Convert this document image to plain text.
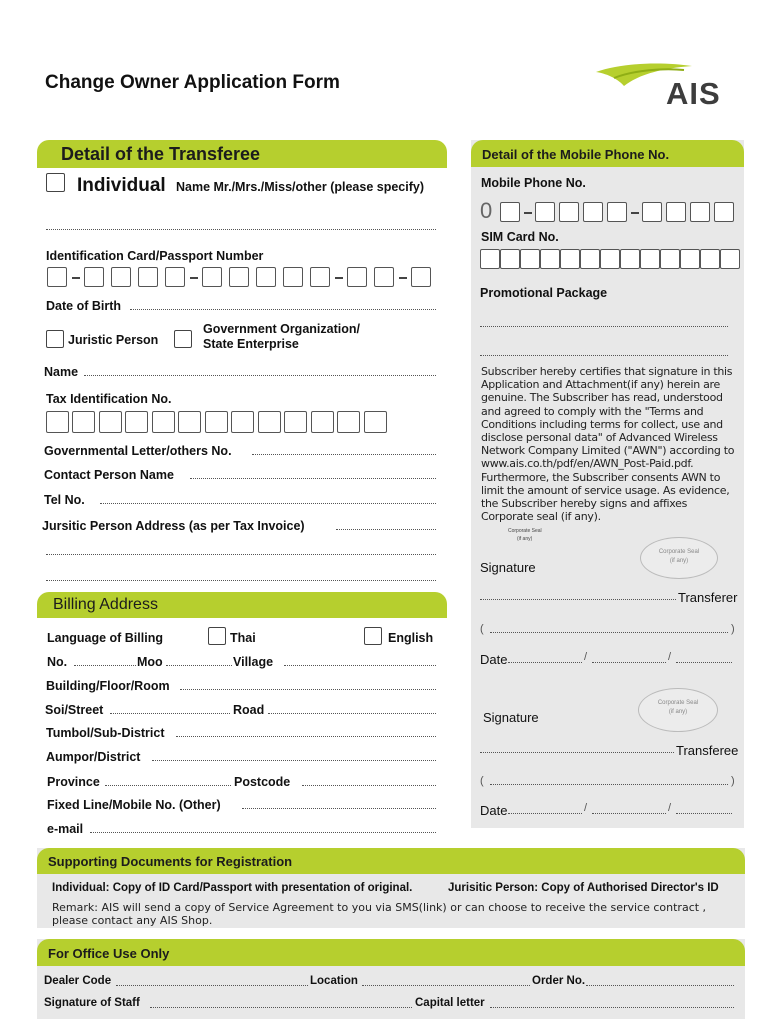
Change Owner Application Form	AIS
Detail of the Transferee
Individual Name Mr./Mrs./Miss/other (please specify)
Identification Card/Passport Number
Date of Birth
Juristic Person
Government Organization/
State Enterprise
Name
Tax Identification No.
Governmental Letter/others No.
Contact Person Name
Tel No.
Jursitic Person Address (as per Tax Invoice)
Billing Address
Language of Billing	Thai	English
No.	Moo	Village
Building/Floor/Room
Soi/Street	Road
Tumbol/Sub-District
Aumpor/District
Province	Postcode
Fixed Line/Mobile No. (Other)
e-mail
Detail of the Mobile Phone No.
Mobile Phone No.
0
SIM Card No.
Promotional Package
Subscriber hereby certifies that signature in this Application and Attachment(if any) herein are genuine. The Subscriber has read, understood and agreed to comply with the "Terms and Conditions including terms for collect, use and disclose personal data" of Advanced Wireless Network Company Limited ("AWN") according to www.ais.co.th/pdf/en/AWN_Post-Paid.pdf. Furthermore, the Subscriber consents AWN to limit the amount of service usage. As evidence, the Subscriber hereby signs and affixes Corporate seal (if any).
Corporate Seal
(if any)
Corporate Seal
(if any)
Signature
Transferer
(	)
Date	/	/
Corporate Seal
(if any)
Signature
Transferee
(	)
Date	/	/
Supporting Documents for Registration
Individual: Copy of ID Card/Passport with presentation of original.	Jurisitic Person: Copy of Authorised Director's ID
Remark: AIS will send a copy of Service Agreement to you via SMS(link) or can choose to receive the service contract , please contact any AIS Shop.
For Office Use Only
Dealer Code	Location	Order No.
Signature of Staff	Capital letter
